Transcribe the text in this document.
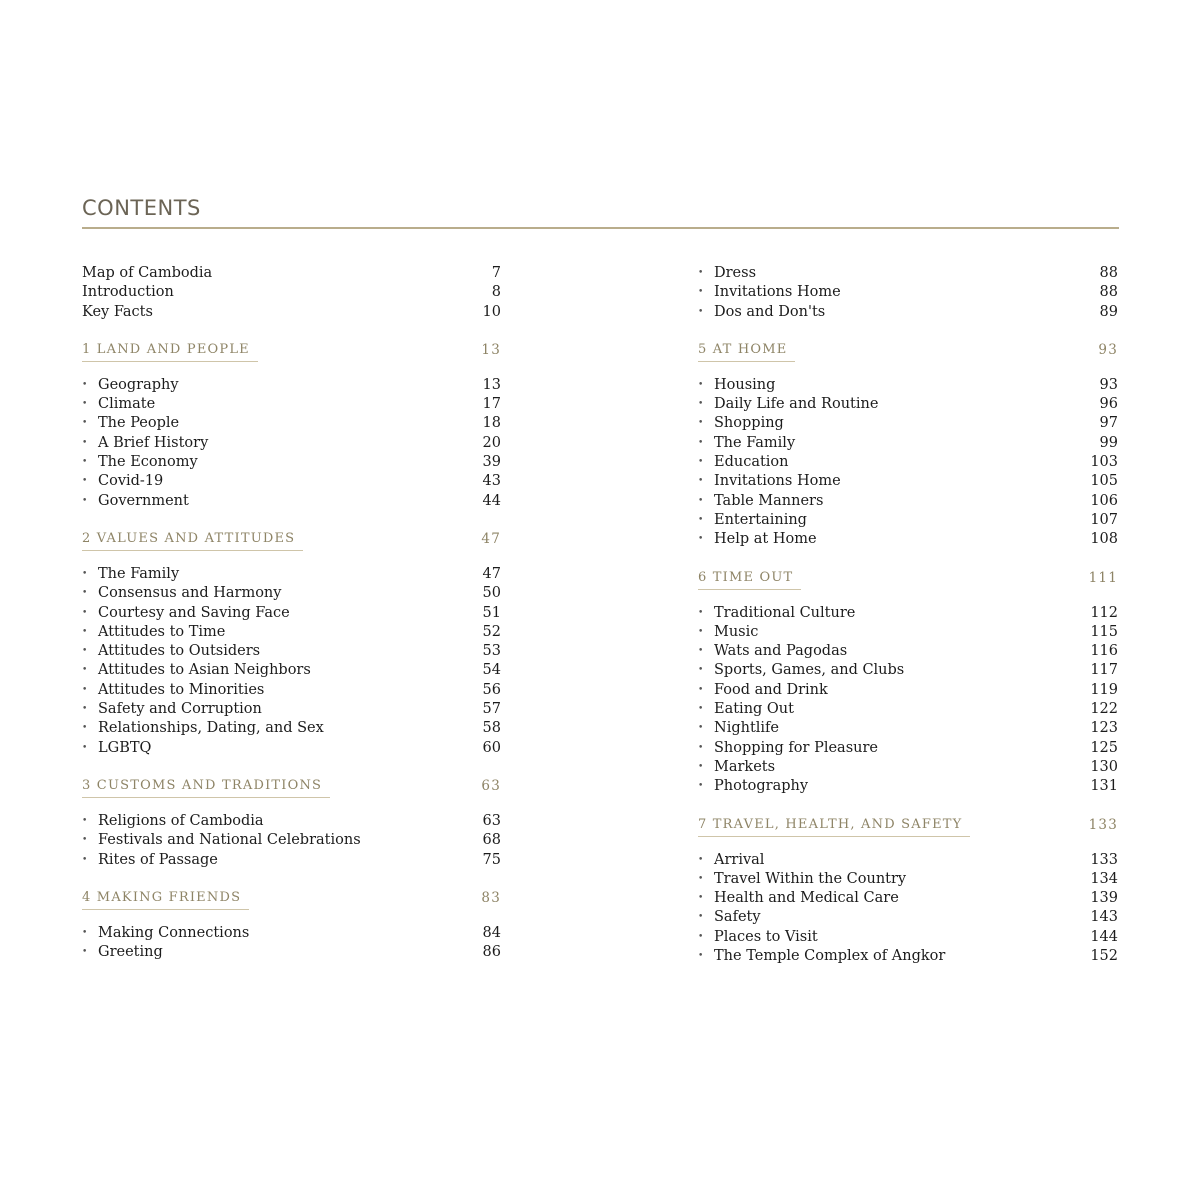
CONTENTS
Map of Cambodia	7
Introduction	8
Key Facts	10
1 LAND AND PEOPLE	13
• Geography	13
• Climate	17
• The People	18
• A Brief History	20
• The Economy	39
• Covid-19	43
• Government	44
2 VALUES AND ATTITUDES	47
• The Family	47
• Consensus and Harmony	50
• Courtesy and Saving Face	51
• Attitudes to Time	52
• Attitudes to Outsiders	53
• Attitudes to Asian Neighbors	54
• Attitudes to Minorities	56
• Safety and Corruption	57
• Relationships, Dating, and Sex	58
• LGBTQ	60
3 CUSTOMS AND TRADITIONS	63
• Religions of Cambodia	63
• Festivals and National Celebrations	68
• Rites of Passage	75
4 MAKING FRIENDS	83
• Making Connections	84
• Greeting	86
• Dress	88
• Invitations Home	88
• Dos and Don'ts	89
5 AT HOME	93
• Housing	93
• Daily Life and Routine	96
• Shopping	97
• The Family	99
• Education	103
• Invitations Home	105
• Table Manners	106
• Entertaining	107
• Help at Home	108
6 TIME OUT	111
• Traditional Culture	112
• Music	115
• Wats and Pagodas	116
• Sports, Games, and Clubs	117
• Food and Drink	119
• Eating Out	122
• Nightlife	123
• Shopping for Pleasure	125
• Markets	130
• Photography	131
7 TRAVEL, HEALTH, AND SAFETY	133
• Arrival	133
• Travel Within the Country	134
• Health and Medical Care	139
• Safety	143
• Places to Visit	144
• The Temple Complex of Angkor	152
